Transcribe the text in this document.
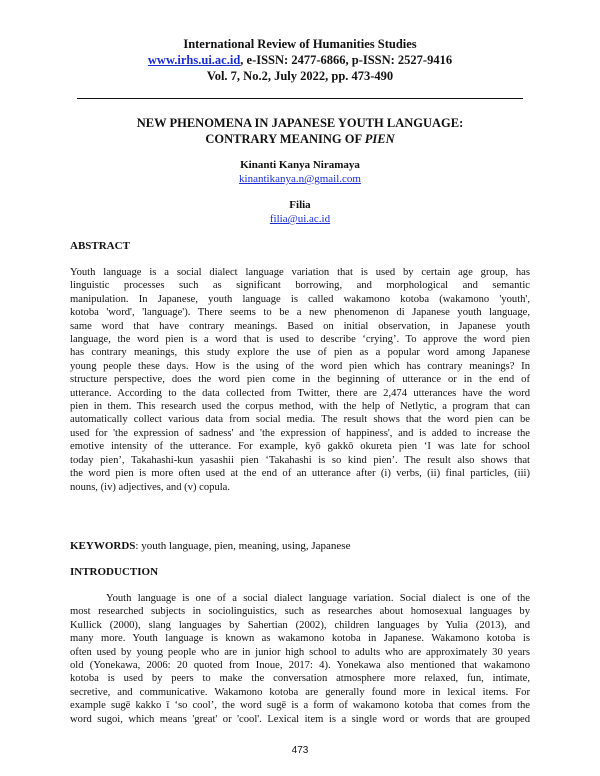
International Review of Humanities Studies
www.irhs.ui.ac.id, e-ISSN: 2477-6866, p-ISSN: 2527-9416
Vol. 7, No.2, July 2022, pp. 473-490
NEW PHENOMENA IN JAPANESE YOUTH LANGUAGE:
CONTRARY MEANING OF PIEN
Kinanti Kanya Niramaya
kinantikanya.n@gmail.com
Filia
filia@ui.ac.id
ABSTRACT
Youth language is a social dialect language variation that is used by certain age group, has
linguistic processes such as significant borrowing, and morphological and semantic
manipulation. In Japanese, youth language is called wakamono kotoba (wakamono 'youth',
kotoba 'word', 'language'). There seems to be a new phenomenon di Japanese youth language,
same word that have contrary meanings. Based on initial observation, in Japanese youth
language, the word pien is a word that is used to describe ‘crying’. To approve the word pien
has contrary meanings, this study explore the use of pien as a popular word among Japanese
young people these days. How is the using of the word pien which has contrary meanings? In
structure perspective, does the word pien come in the beginning of utterance or in the end of
utterance. According to the data collected from Twitter, there are 2,474 utterances have the word
pien in them. This research used the corpus method, with the help of Netlytic, a program that can
automatically collect various data from social media. The result shows that the word pien can be
used for 'the expression of sadness' and 'the expression of happiness', and is added to increase the
emotive intensity of the utterance. For example, kyō gakkō okureta pien ‘I was late for school
today pien’, Takahashi-kun yasashii pien ‘Takahashi is so kind pien’. The result also shows that
the word pien is more often used at the end of an utterance after (i) verbs, (ii) final particles, (iii)
nouns, (iv) adjectives, and (v) copula.
KEYWORDS: youth language, pien, meaning, using, Japanese
INTRODUCTION
Youth language is one of a social dialect language variation. Social dialect is one of the
most researched subjects in sociolinguistics, such as researches about homosexual languages by
Kullick (2000), slang languages by Sahertian (2002), children languages by Yulia (2013), and
many more. Youth language is known as wakamono kotoba in Japanese. Wakamono kotoba is
often used by young people who are in junior high school to adults who are approximately 30 years
old (Yonekawa, 2006: 20 quoted from Inoue, 2017: 4). Yonekawa also mentioned that wakamono
kotoba is used by peers to make the conversation atmosphere more relaxed, fun, intimate,
secretive, and communicative. Wakamono kotoba are generally found more in lexical items. For
example sugē kakko ī ‘so cool’, the word sugē is a form of wakamono kotoba that comes from the
word sugoi, which means 'great' or 'cool'. Lexical item is a single word or words that are grouped
473
